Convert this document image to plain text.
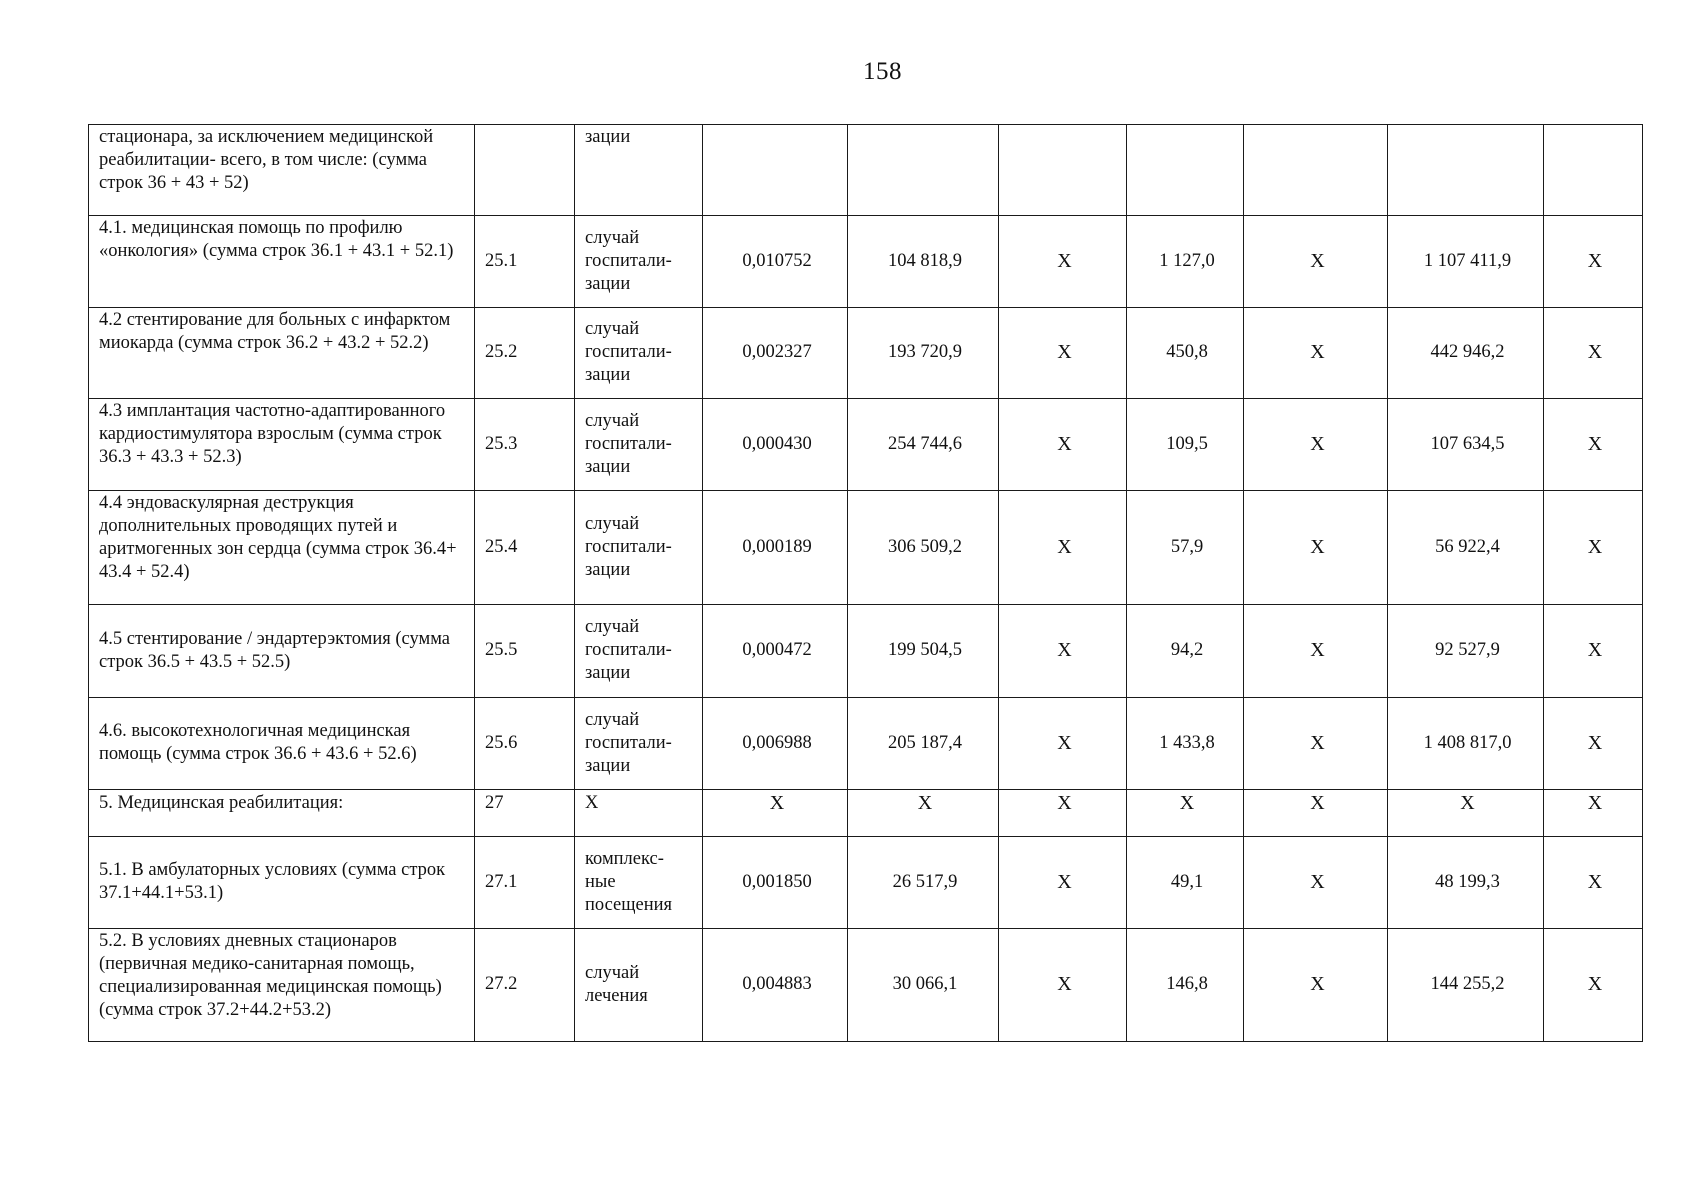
158
стационара, за исключением медицинской реабилитации- всего, в том числе: (сумма строк 36 + 43 + 52)		зации							
4.1. медицинская помощь по профилю «онкология» (сумма строк 36.1 + 43.1 + 52.1)	25.1	случай
госпитали-
зации	0,010752	104 818,9	Х	1 127,0	Х	1 107 411,9	Х
4.2 стентирование для больных с инфарктом миокарда (сумма строк 36.2 + 43.2 + 52.2)	25.2	случай
госпитали-
зации	0,002327	193 720,9	Х	450,8	Х	442 946,2	Х
4.3 имплантация частотно-адаптированного кардиостимулятора взрослым (сумма строк 36.3 + 43.3 + 52.3)	25.3	случай
госпитали-
зации	0,000430	254 744,6	Х	109,5	Х	107 634,5	Х
4.4 эндоваскулярная деструкция дополнительных проводящих путей и аритмогенных зон сердца (сумма строк 36.4+ 43.4 + 52.4)	25.4	случай
госпитали-
зации	0,000189	306 509,2	Х	57,9	Х	56 922,4	Х
4.5 стентирование / эндартерэктомия (сумма строк 36.5 + 43.5 + 52.5)	25.5	случай
госпитали-
зации	0,000472	199 504,5	Х	94,2	Х	92 527,9	Х
4.6. высокотехнологичная медицинская помощь (сумма строк 36.6 + 43.6 + 52.6)	25.6	случай
госпитали-
зации	0,006988	205 187,4	Х	1 433,8	Х	1 408 817,0	Х
5. Медицинская реабилитация:	27	Х	Х	Х	Х	Х	Х	Х	Х
5.1. В амбулаторных условиях (сумма строк 37.1+44.1+53.1)	27.1	комплекс-
ные
посещения	0,001850	26 517,9	Х	49,1	Х	48 199,3	Х
5.2. В условиях дневных стационаров (первичная медико-санитарная помощь, специализированная медицинская помощь) (сумма строк 37.2+44.2+53.2)	27.2	случай
лечения	0,004883	30 066,1	Х	146,8	Х	144 255,2	Х
